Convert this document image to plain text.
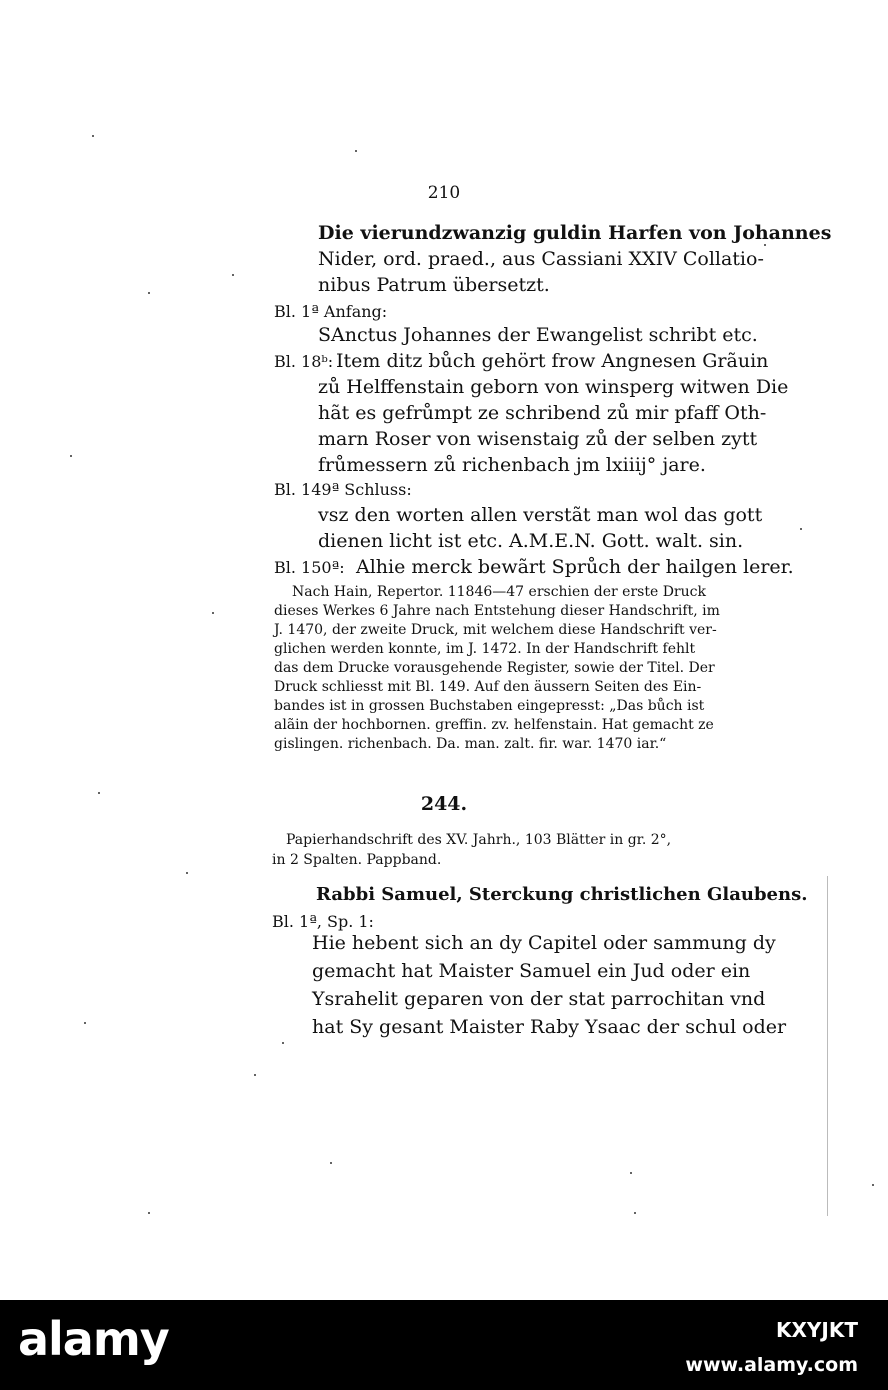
210
Die vierundzwanzig guldin Harfen von Johannes
Nider, ord. praed., aus Cassiani XXIV Collatio-
nibus Patrum übersetzt.
Bl. 1ª Anfang:
SAnctus Johannes der Ewangelist schribt etc.
Bl. 18ᵇ: Item ditz bůch gehört frow Angnesen Grãuin
zů Helffenstain geborn von winsperg witwen Die
hãt es gefrůmpt ze schribend zů mir pfaff Oth-
marn Roser von wisenstaig zů der selben zytt
frůmessern zů richenbach jm lxiiij° jare.
Bl. 149ª Schluss:
vsz den worten allen verstãt man wol das gott
dienen licht ist etc. A.M.E.N. Gott. walt. sin.
Bl. 150ª: Alhie merck bewãrt Sprůch der hailgen lerer.
Nach Hain, Repertor. 11846—47 erschien der erste Druck
dieses Werkes 6 Jahre nach Entstehung dieser Handschrift, im
J. 1470, der zweite Druck, mit welchem diese Handschrift ver-
glichen werden konnte, im J. 1472. In der Handschrift fehlt
das dem Drucke vorausgehende Register, sowie der Titel. Der
Druck schliesst mit Bl. 149. Auf den äussern Seiten des Ein-
bandes ist in grossen Buchstaben eingepresst: „Das bůch ist
alãin der hochbornen. greffin. zv. helfenstain. Hat gemacht ze
gislingen. richenbach. Da. man. zalt. fir. war. 1470 iar.“
244.
Papierhandschrift des XV. Jahrh., 103 Blätter in gr. 2°,
in 2 Spalten. Pappband.
Rabbi Samuel, Sterckung christlichen Glaubens.
Bl. 1ª, Sp. 1:
Hie hebent sich an dy Capitel oder sammung dy
gemacht hat Maister Samuel ein Jud oder ein
Ysrahelit geparen von der stat parrochitan vnd
hat Sy gesant Maister Raby Ysaac der schul oder
alamy	KXYJKT
www.alamy.com
